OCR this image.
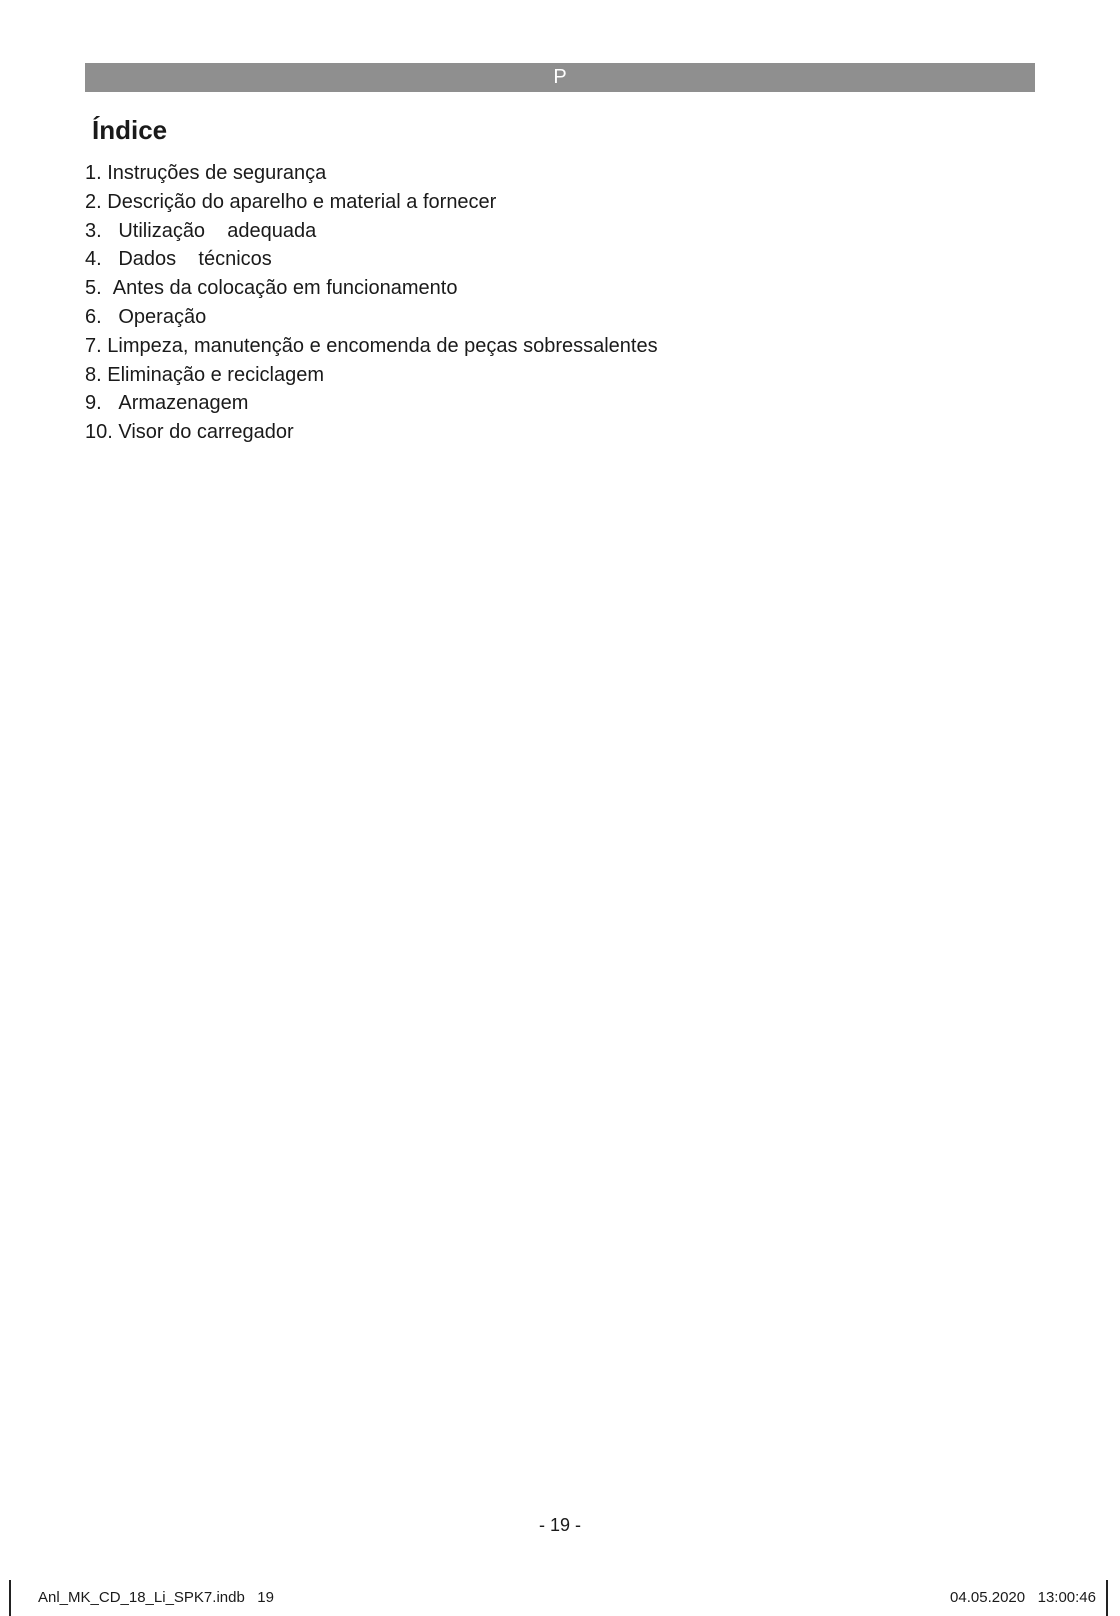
P
Índice
1. Instruções de segurança
2. Descrição do aparelho e material a fornecer
3.   Utilização    adequada
4.   Dados    técnicos
5.  Antes da colocação em funcionamento
6.   Operação
7. Limpeza, manutenção e encomenda de peças sobressalentes
8. Eliminação e reciclagem
9.   Armazenagem
10. Visor do carregador
- 19 -
Anl_MK_CD_18_Li_SPK7.indb   19	04.05.2020   13:00:46
